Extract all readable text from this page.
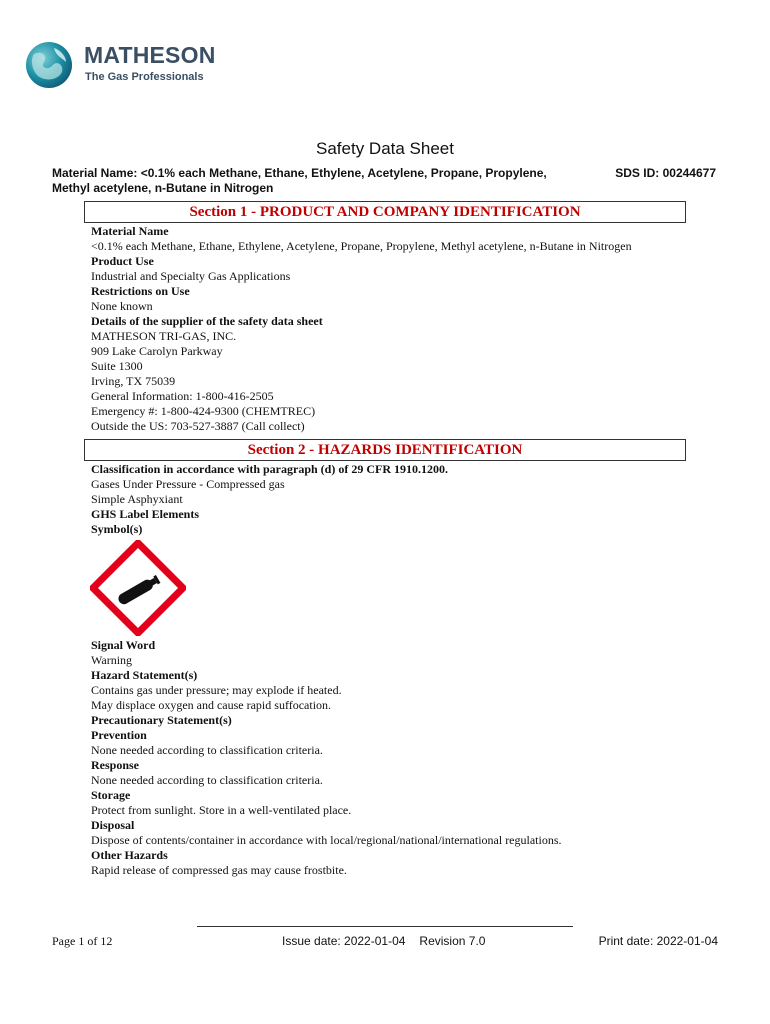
MATHESON
The Gas Professionals
Safety Data Sheet
Material Name: <0.1% each Methane, Ethane, Ethylene, Acetylene, Propane, Propylene, Methyl acetylene, n-Butane in Nitrogen
SDS ID: 00244677
Section 1 - PRODUCT AND COMPANY IDENTIFICATION
Material Name
<0.1% each Methane, Ethane, Ethylene, Acetylene, Propane, Propylene, Methyl acetylene, n-Butane in Nitrogen
Product Use
Industrial and Specialty Gas Applications
Restrictions on Use
None known
Details of the supplier of the safety data sheet
MATHESON TRI-GAS, INC.
909 Lake Carolyn Parkway
Suite 1300
Irving, TX 75039
General Information: 1-800-416-2505
Emergency #: 1-800-424-9300 (CHEMTREC)
Outside the US: 703-527-3887 (Call collect)
Section 2 - HAZARDS IDENTIFICATION
Classification in accordance with paragraph (d) of 29 CFR 1910.1200.
Gases Under Pressure - Compressed gas
Simple Asphyxiant
GHS Label Elements
Symbol(s)
Signal Word
Warning
Hazard Statement(s)
Contains gas under pressure; may explode if heated.
May displace oxygen and cause rapid suffocation.
Precautionary Statement(s)
Prevention
None needed according to classification criteria.
Response
None needed according to classification criteria.
Storage
Protect from sunlight. Store in a well-ventilated place.
Disposal
Dispose of contents/container in accordance with local/regional/national/international regulations.
Other Hazards
Rapid release of compressed gas may cause frostbite.
Page 1 of 12	Issue date: 2022-01-04 Revision 7.0	Print date: 2022-01-04
